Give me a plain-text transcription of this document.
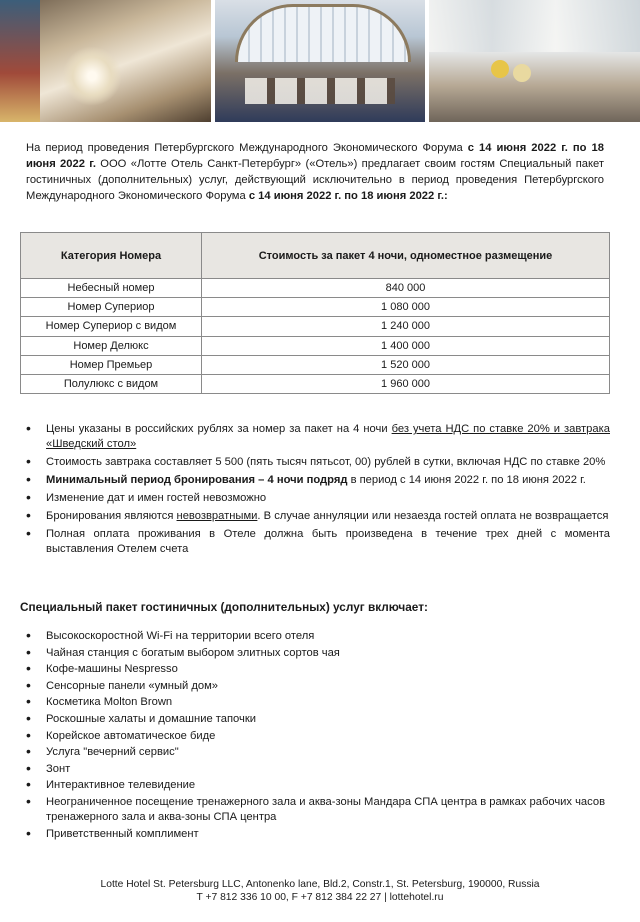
На период проведения Петербургского Международного Экономического Форума с 14 июня 2022 г. по 18 июня 2022 г. ООО «Лотте Отель Санкт-Петербург» («Отель») предлагает своим гостям Специальный пакет гостиничных (дополнительных) услуг, действующий исключительно в период проведения Петербургского Международного Экономического Форума с 14 июня 2022 г. по 18 июня 2022 г.:

Категория Номера	Стоимость за пакет 4 ночи, одноместное размещение
Небесный номер	840 000
Номер Супериор	1 080 000
Номер Супериор с видом	1 240 000
Номер Делюкс	1 400 000
Номер Премьер	1 520 000
Полулюкс с видом	1 960 000
• Цены указаны в российских рублях за номер за пакет на 4 ночи без учета НДС по ставке 20% и завтрака «Шведский стол»
• Стоимость завтрака составляет 5 500 (пять тысяч пятьсот, 00) рублей в сутки, включая НДС по ставке 20%
• Минимальный период бронирования – 4 ночи подряд в период с 14 июня 2022 г. по 18 июня 2022 г.
• Изменение дат и имен гостей невозможно
• Бронирования являются невозвратными. В случае аннуляции или незаезда гостей оплата не возвращается
• Полная оплата проживания в Отеле должна быть произведена в течение трех дней с момента выставления Отелем счета
Специальный пакет гостиничных (дополнительных) услуг включает:
• Высокоскоростной Wi-Fi на территории всего отеля
• Чайная станция с богатым выбором элитных сортов чая
• Кофе-машины Nespresso
• Сенсорные панели «умный дом»
• Косметика Molton Brown
• Роскошные халаты и домашние тапочки
• Корейское автоматическое биде
• Услуга "вечерний сервис"
• Зонт
• Интерактивное телевидение
• Неограниченное посещение тренажерного зала и аква-зоны Мандара СПА центра в рамках рабочих часов тренажерного зала и аква-зоны СПА центра
• Приветственный комплимент
Lotte Hotel St. Petersburg LLC, Antonenko lane, Bld.2, Constr.1, St. Petersburg, 190000, Russia
T +7 812 336 10 00, F +7 812 384 22 27 | lottehotel.ru
